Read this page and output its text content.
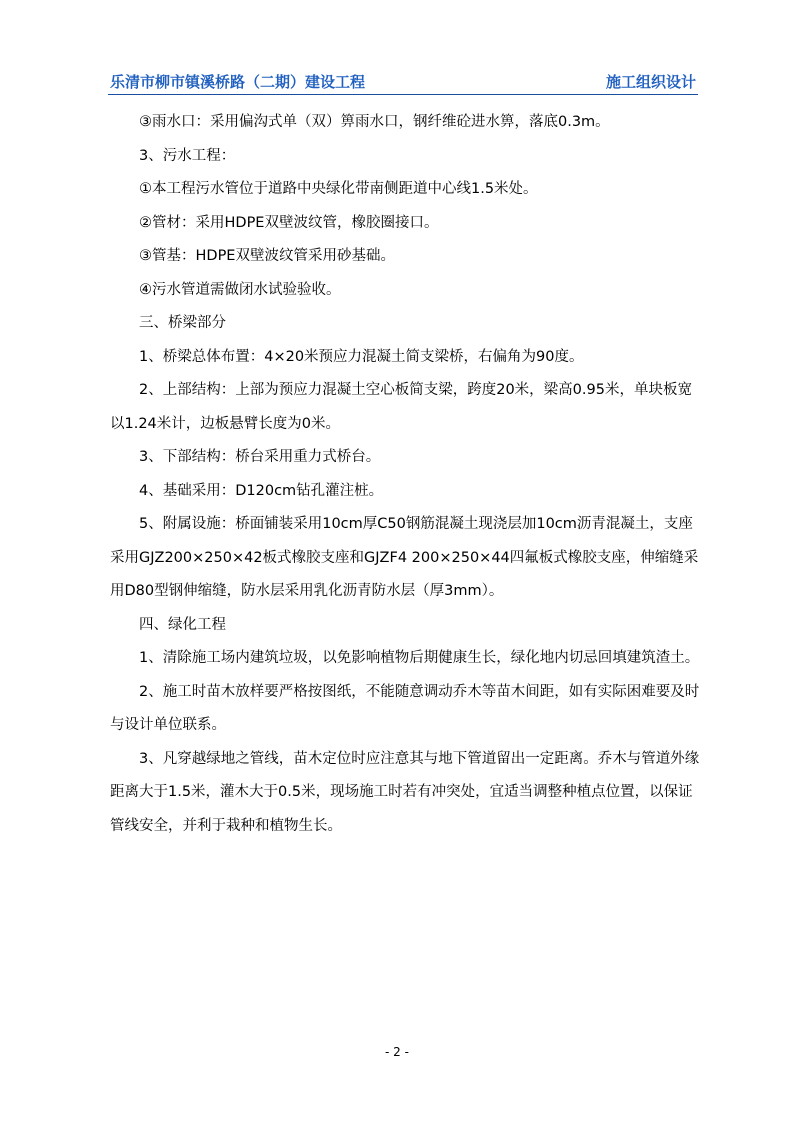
乐清市柳市镇溪桥路（二期）建设工程	施工组织设计

③雨水口：采用偏沟式单（双）箅雨水口，钢纤维砼进水箅，落底0.3m。

3、污水工程：

①本工程污水管位于道路中央绿化带南侧距道中心线1.5米处。

②管材：采用HDPE双壁波纹管，橡胶圈接口。

③管基：HDPE双壁波纹管采用砂基础。

④污水管道需做闭水试验验收。

三、桥梁部分

1、桥梁总体布置：4×20米预应力混凝土简支梁桥，右偏角为90度。

2、上部结构：上部为预应力混凝土空心板简支梁，跨度20米，梁高0.95米，单块板宽以1.24米计，边板悬臂长度为0米。

3、下部结构：桥台采用重力式桥台。

4、基础采用：D120cm钻孔灌注桩。

5、附属设施：桥面铺装采用10cm厚C50钢筋混凝土现浇层加10cm沥青混凝土，支座采用GJZ200×250×42板式橡胶支座和GJZF4 200×250×44四氟板式橡胶支座，伸缩缝采用D80型钢伸缩缝，防水层采用乳化沥青防水层（厚3mm）。

四、绿化工程

1、清除施工场内建筑垃圾，以免影响植物后期健康生长，绿化地内切忌回填建筑渣土。

2、施工时苗木放样要严格按图纸，不能随意调动乔木等苗木间距，如有实际困难要及时与设计单位联系。

3、凡穿越绿地之管线，苗木定位时应注意其与地下管道留出一定距离。乔木与管道外缘距离大于1.5米，灌木大于0.5米，现场施工时若有冲突处，宜适当调整种植点位置，以保证管线安全，并利于栽种和植物生长。

- 2 -
